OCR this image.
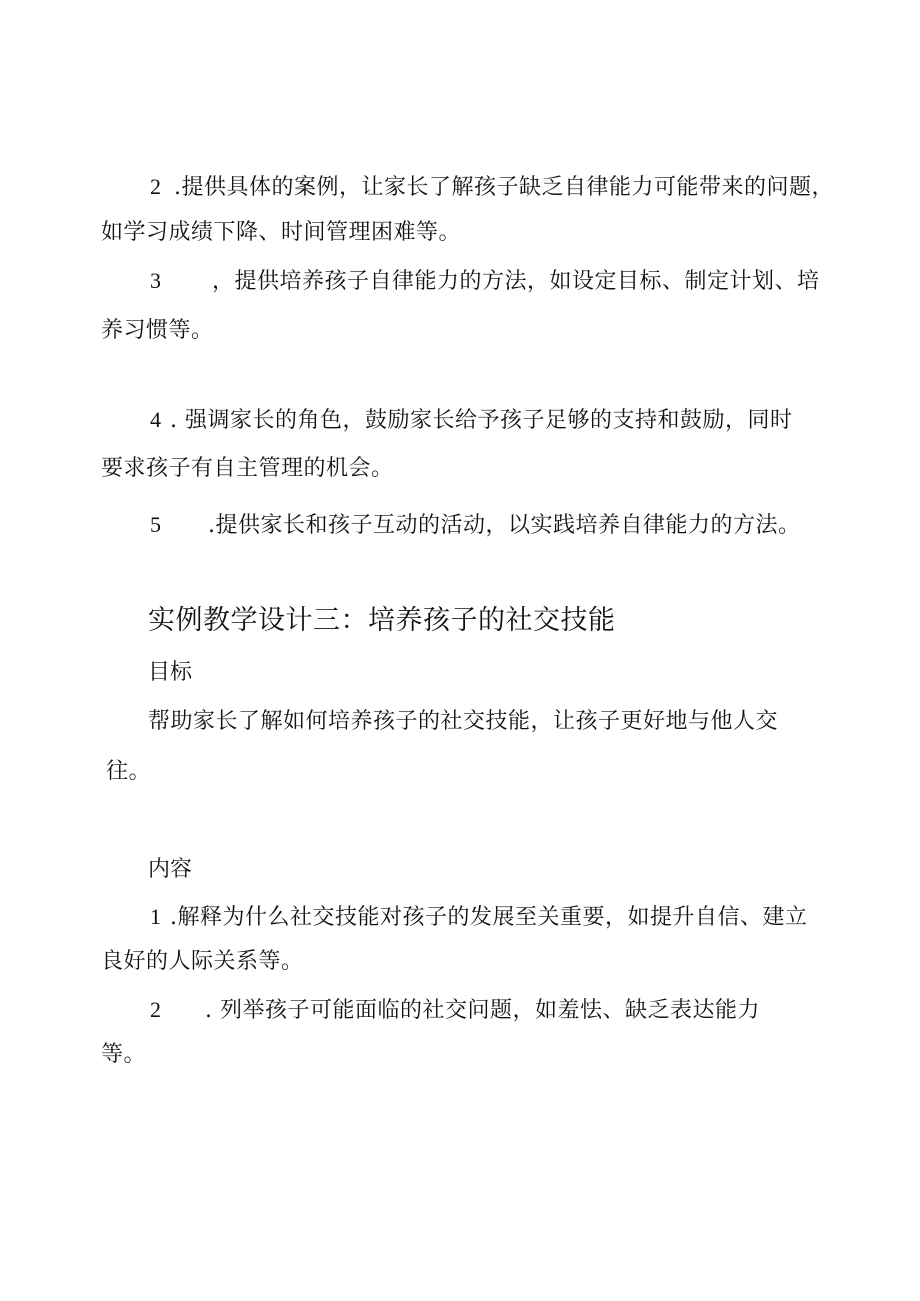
2 .提供具体的案例，让家长了解孩子缺乏自律能力可能带来的问题，
如学习成绩下降、时间管理困难等。
3 ，提供培养孩子自律能力的方法，如设定目标、制定计划、培
养习惯等。
4 . 强调家长的角色，鼓励家长给予孩子足够的支持和鼓励，同时
要求孩子有自主管理的机会。
5 .提供家长和孩子互动的活动，以实践培养自律能力的方法。
实例教学设计三：培养孩子的社交技能
目标
帮助家长了解如何培养孩子的社交技能，让孩子更好地与他人交
往。
内容
1 .解释为什么社交技能对孩子的发展至关重要，如提升自信、建立
良好的人际关系等。
2 . 列举孩子可能面临的社交问题，如羞怯、缺乏表达能力
等。
